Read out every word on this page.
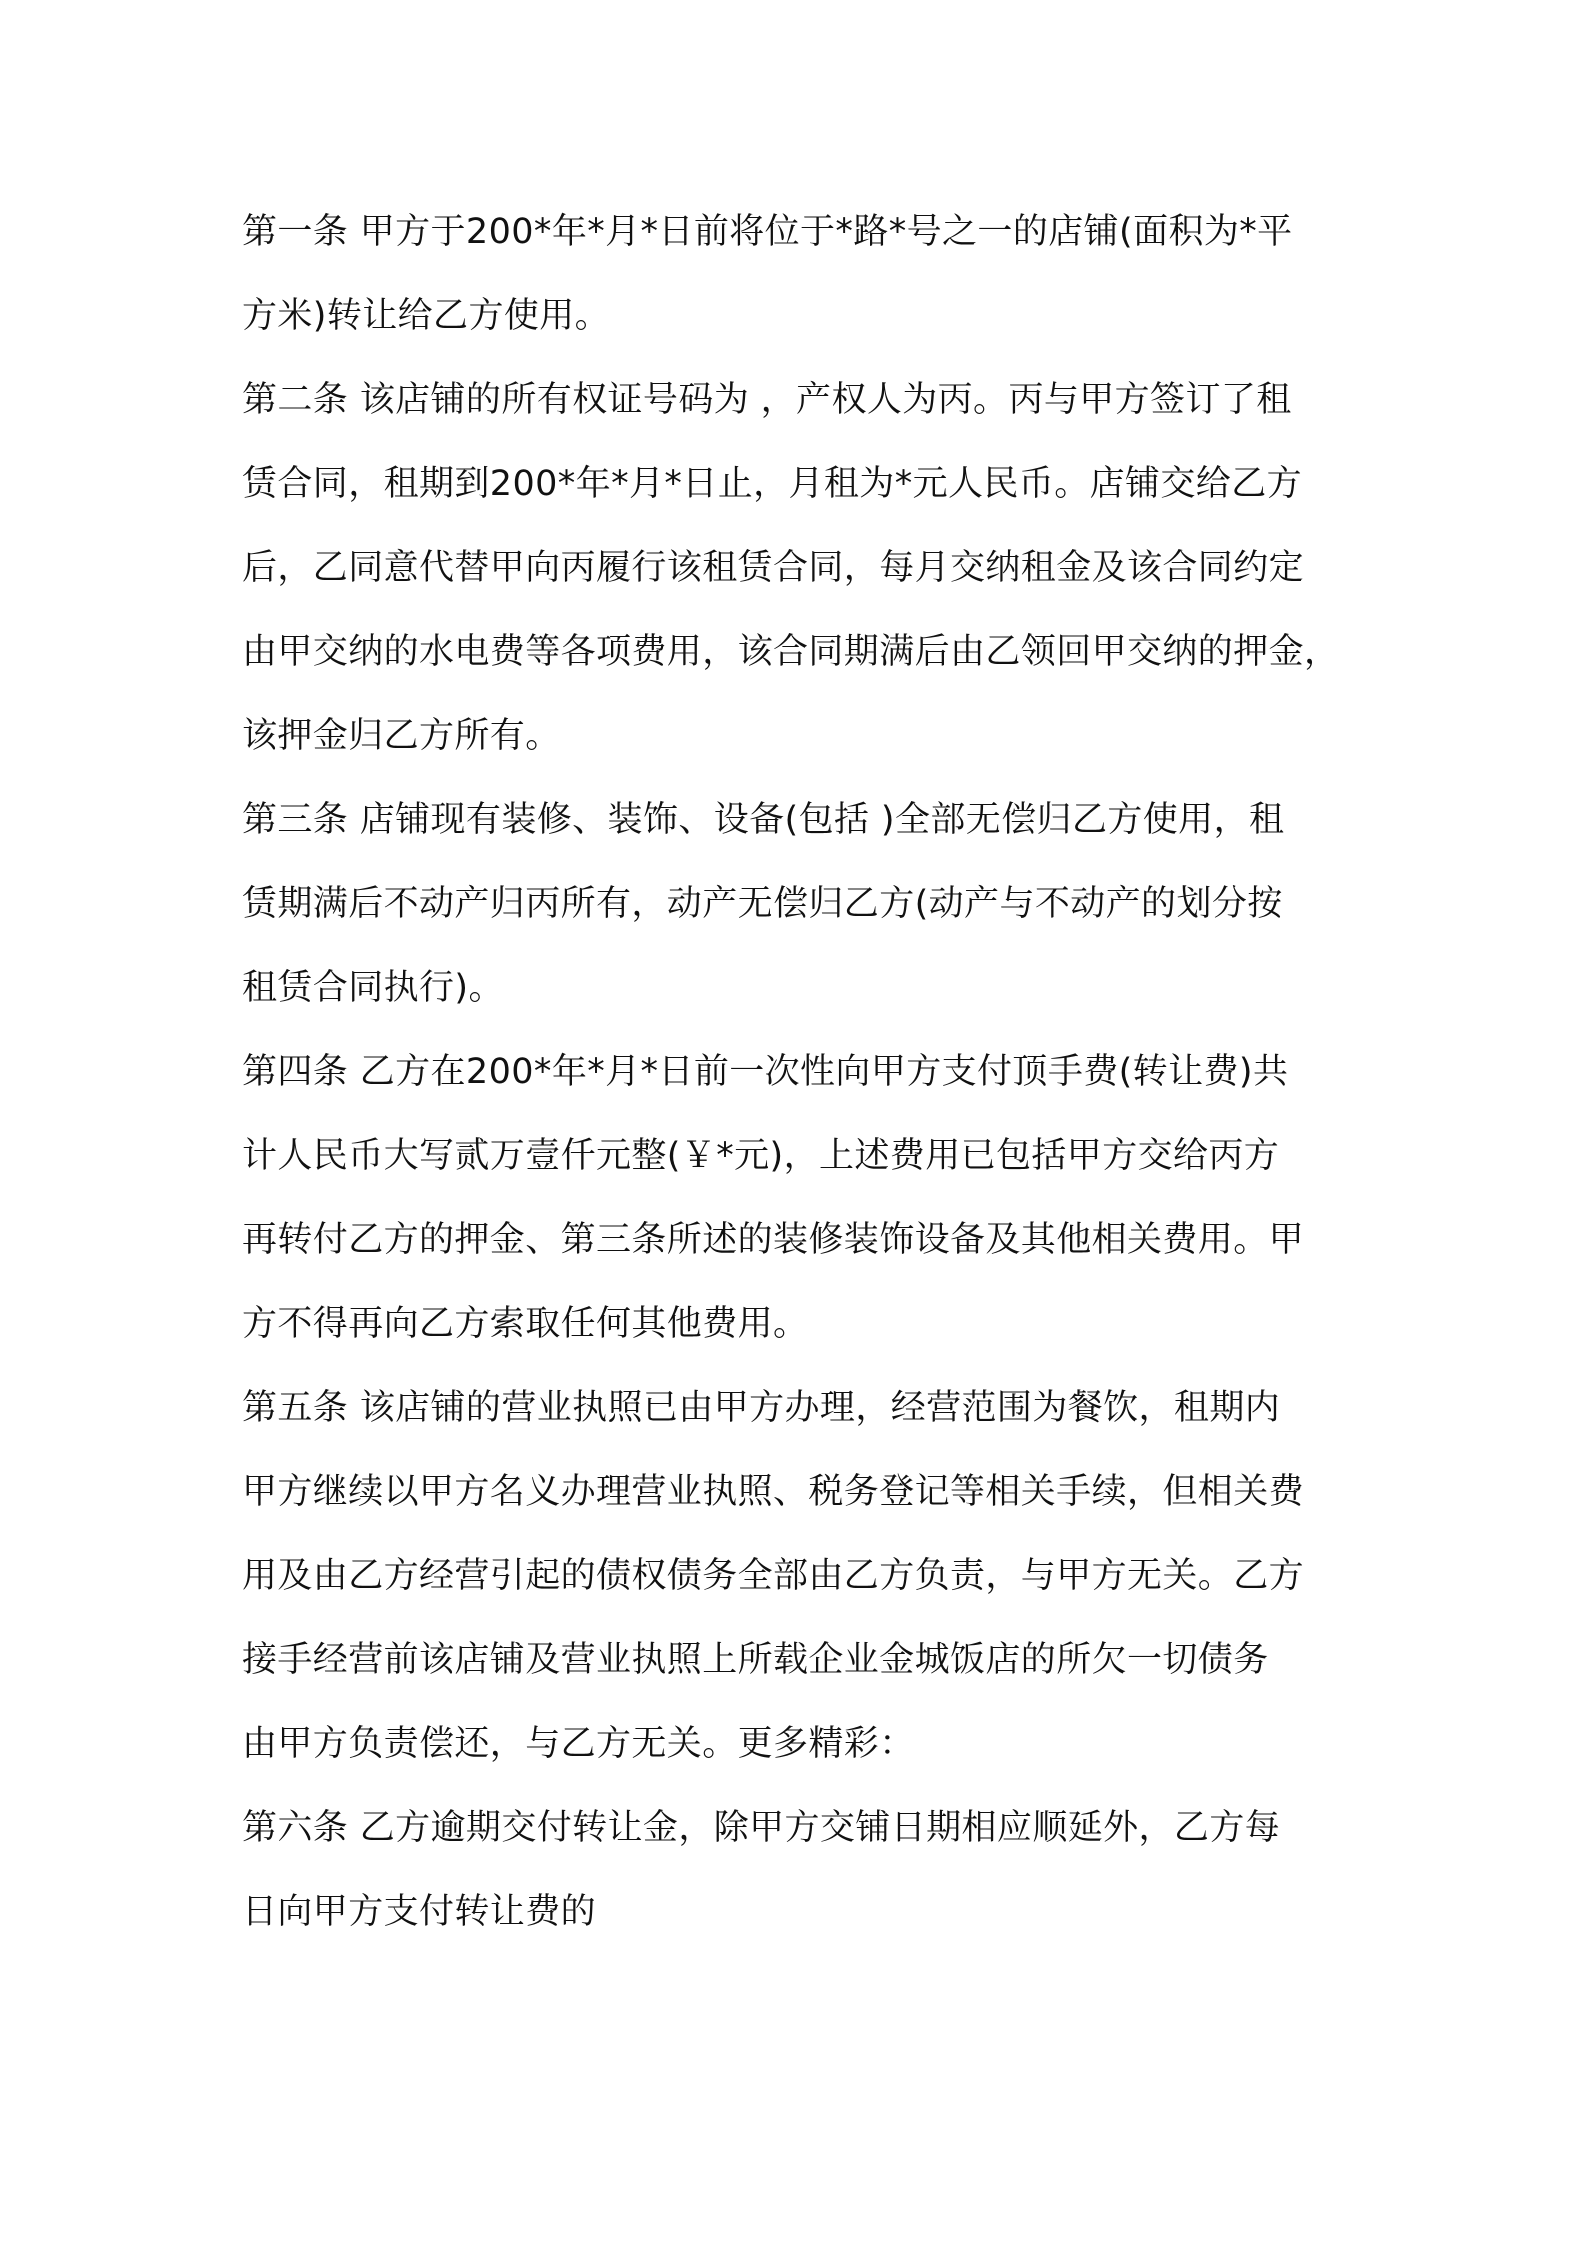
第一条 甲方于200*年*月*日前将位于*路*号之一的店铺(面积为*平
方米)转让给乙方使用。
第二条 该店铺的所有权证号码为 ，产权人为丙。丙与甲方签订了租
赁合同，租期到200*年*月*日止，月租为*元人民币。店铺交给乙方
后，乙同意代替甲向丙履行该租赁合同，每月交纳租金及该合同约定
由甲交纳的水电费等各项费用，该合同期满后由乙领回甲交纳的押金，
该押金归乙方所有。
第三条 店铺现有装修、装饰、设备(包括 )全部无偿归乙方使用，租
赁期满后不动产归丙所有，动产无偿归乙方(动产与不动产的划分按
租赁合同执行)。
第四条 乙方在200*年*月*日前一次性向甲方支付顶手费(转让费)共
计人民币大写贰万壹仟元整(￥*元)，上述费用已包括甲方交给丙方
再转付乙方的押金、第三条所述的装修装饰设备及其他相关费用。甲
方不得再向乙方索取任何其他费用。
第五条 该店铺的营业执照已由甲方办理，经营范围为餐饮，租期内
甲方继续以甲方名义办理营业执照、税务登记等相关手续，但相关费
用及由乙方经营引起的债权债务全部由乙方负责，与甲方无关。乙方
接手经营前该店铺及营业执照上所载企业金城饭店的所欠一切债务
由甲方负责偿还，与乙方无关。更多精彩：
第六条 乙方逾期交付转让金，除甲方交铺日期相应顺延外，乙方每
日向甲方支付转让费的
